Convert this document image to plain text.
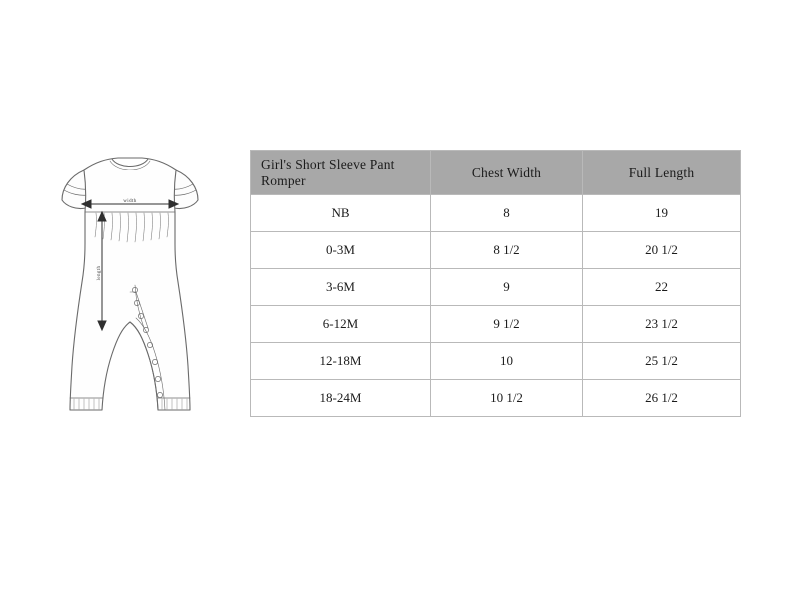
width
length
Girl's Short Sleeve Pant Romper	Chest Width	Full Length
NB	8	19
0-3M	8 1/2	20 1/2
3-6M	9	22
6-12M	9 1/2	23 1/2
12-18M	10	25 1/2
18-24M	10 1/2	26 1/2
